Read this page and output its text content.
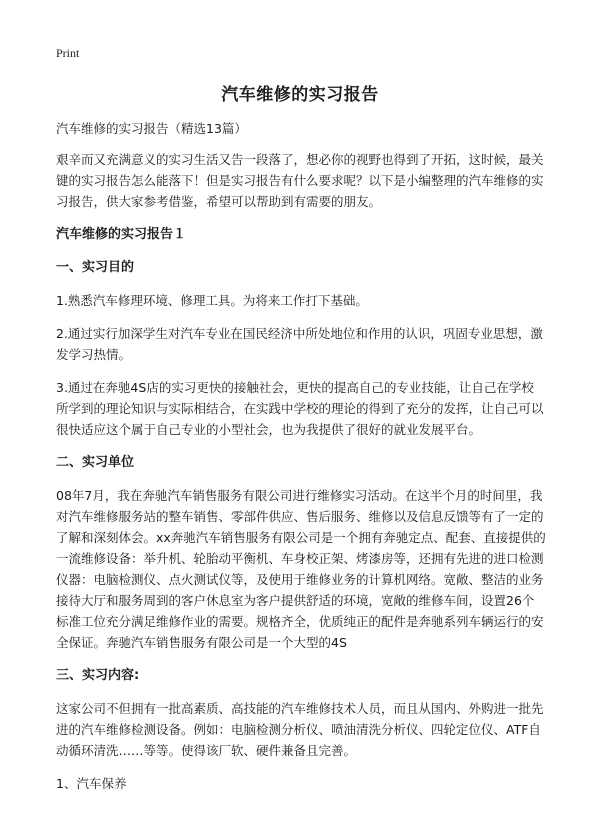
Print
汽车维修的实习报告

汽车维修的实习报告（精选13篇）

艰辛而又充满意义的实习生活又告一段落了，想必你的视野也得到了开拓，这时候，最关键的实习报告怎么能落下！但是实习报告有什么要求呢？以下是小编整理的汽车维修的实习报告，供大家参考借鉴，希望可以帮助到有需要的朋友。

汽车维修的实习报告１

一、实习目的

1.熟悉汽车修理环境、修理工具。为将来工作打下基础。

2.通过实行加深学生对汽车专业在国民经济中所处地位和作用的认识，巩固专业思想，激发学习热情。

3.通过在奔驰4S店的实习更快的接触社会，更快的提高自己的专业技能，让自己在学校所学到的理论知识与实际相结合，在实践中学校的理论的得到了充分的发挥，让自己可以很快适应这个属于自己专业的小型社会，也为我提供了很好的就业发展平台。

二、实习单位

08年7月，我在奔驰汽车销售服务有限公司进行维修实习活动。在这半个月的时间里，我对汽车维修服务站的整车销售、零部件供应、售后服务、维修以及信息反馈等有了一定的了解和深刻体会。xx奔驰汽车销售服务有限公司是一个拥有奔驰定点、配套、直接提供的一流维修设备：举升机、轮胎动平衡机、车身校正架、烤漆房等，还拥有先进的进口检测仪器：电脑检测仪、点火测试仪等，及使用于维修业务的计算机网络。宽敞、整洁的业务接待大厅和服务周到的客户休息室为客户提供舒适的环境，宽敞的维修车间，设置26个标准工位充分满足维修作业的需要。规格齐全，优质纯正的配件是奔驰系列车辆运行的安全保证。奔驰汽车销售服务有限公司是一个大型的4S

三、实习内容:

这家公司不但拥有一批高素质、高技能的汽车维修技术人员，而且从国内、外购进一批先进的汽车维修检测设备。例如：电脑检测分析仪、喷油清洗分析仪、四轮定位仪、ATF自动循环清洗……等等。使得该厂软、硬件兼备且完善。

1、汽车保养
